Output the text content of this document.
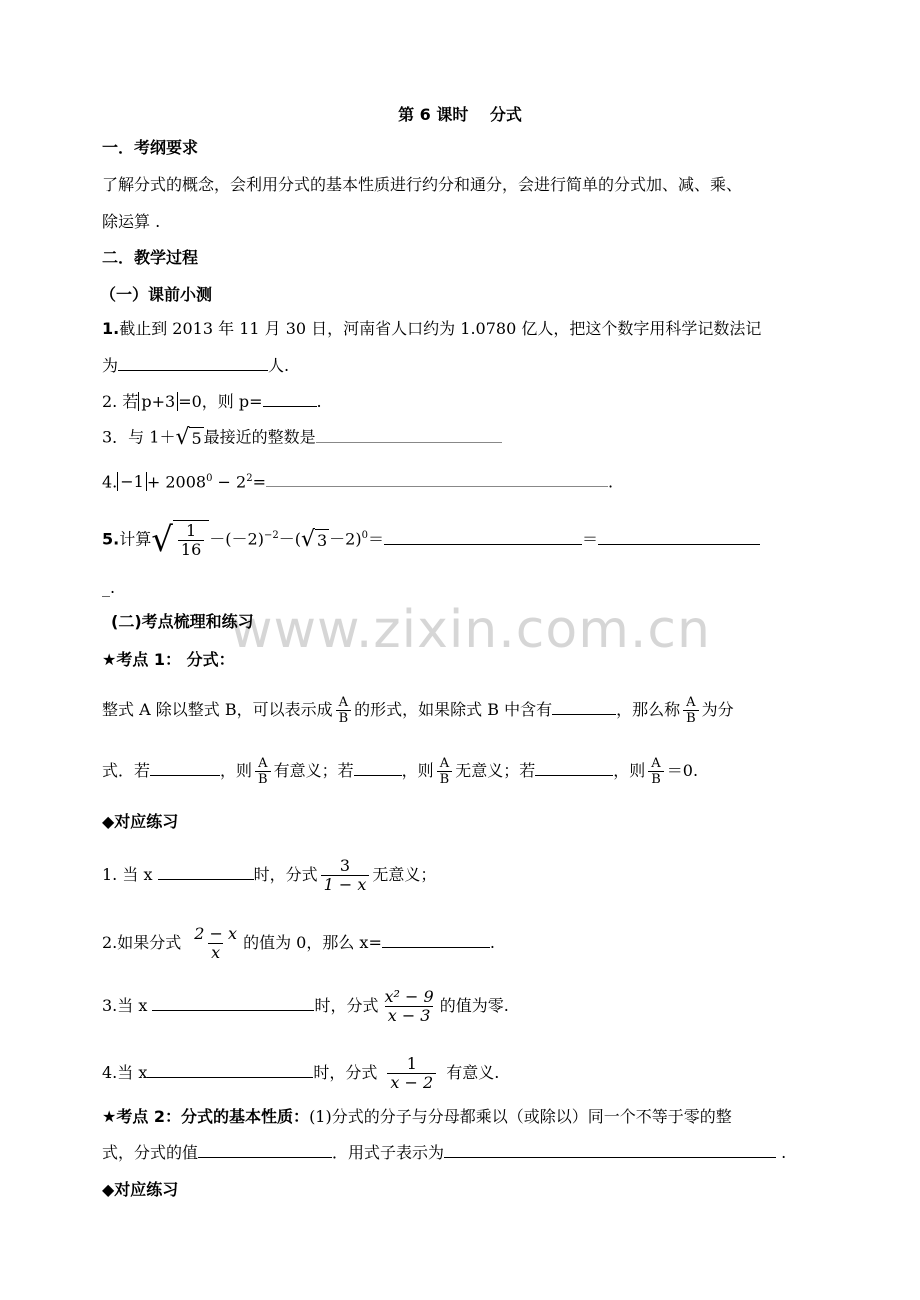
第 6 课时　 分式
一．考纲要求
了解分式的概念，会利用分式的基本性质进行约分和通分，会进行简单的分式加、减、乘、
除运算 .
二．教学过程
（一）课前小测
1.截止到 2013 年 11 月 30 日，河南省人口约为 1.0780 亿人，把这个数字用科学记数法记
为	人.
2. 若 p+3 =0，则 p=	.
3．与 1＋ √ 5 最接近的整数是
4. $-1 + 2008^0 - 2^2=$	.
5.计算 √ $\frac{1}{16} -(-2)^{-2}-$( √ 3 －2)$^0$＝	＝
_.
www.zixin.com.cn
(二)考点梳理和练习
★考点 1： 分式：
整式 A 除以整式 B，可以表示成 $\frac{A}{B}$ 的形式，如果除式 B 中含有	，那么称 $\frac{A}{B}$ 为分
式．若	，则 $\frac{A}{B}$ 有意义；若	，则 $\frac{A}{B}$ 无意义；若	，则 $\frac{A}{B} =0$.
◆对应练习
1. 当 x	时，分式 $\frac{3}{1 - x}$ 无意义；
2.如果分式 $\frac{2 - x}{x}$ 的值为 0，那么 x=	.
3.当 x	时，分式 $\frac{\text{x² − 9}}{x - 3}$ 的值为零.
4.当 x	时，分式 $\frac{1}{x - 2}$ 有意义.
★考点 2：分式的基本性质：(1)分式的分子与分母都乘以（或除以）同一个不等于零的整
式，分式的值	．用式子表示为	.
◆对应练习
